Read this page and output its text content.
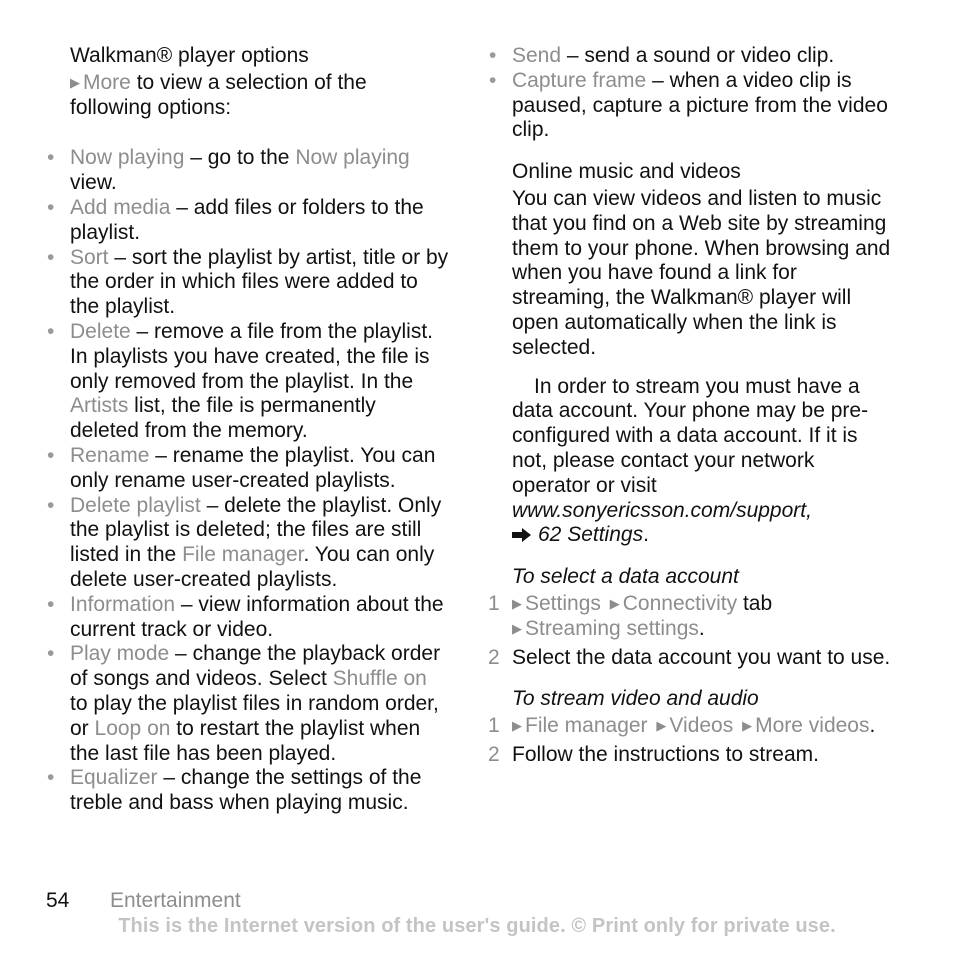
Walkman® player options
▶ More to view a selection of the following options:
• Now playing – go to the Now playing view.
• Add media – add files or folders to the playlist.
• Sort – sort the playlist by artist, title or by the order in which files were added to the playlist.
• Delete – remove a file from the playlist. In playlists you have created, the file is only removed from the playlist. In the Artists list, the file is permanently deleted from the memory.
• Rename – rename the playlist. You can only rename user-created playlists.
• Delete playlist – delete the playlist. Only the playlist is deleted; the files are still listed in the File manager. You can only delete user-created playlists.
• Information – view information about the current track or video.
• Play mode – change the playback order of songs and videos. Select Shuffle on to play the playlist files in random order, or Loop on to restart the playlist when the last file has been played.
• Equalizer – change the settings of the treble and bass when playing music.
• Send – send a sound or video clip.
• Capture frame – when a video clip is paused, capture a picture from the video clip.
Online music and videos
You can view videos and listen to music that you find on a Web site by streaming them to your phone. When browsing and when you have found a link for streaming, the Walkman® player will open automatically when the link is selected.
In order to stream you must have a data account. Your phone may be pre-configured with a data account. If it is not, please contact your network operator or visit
www.sonyericsson.com/support,
62 Settings.
To select a data account
1 ▶ Settings ▶ Connectivity tab
▶ Streaming settings.
2 Select the data account you want to use.
To stream video and audio
1 ▶ File manager ▶ Videos ▶ More videos.
2 Follow the instructions to stream.
54 Entertainment
This is the Internet version of the user's guide. © Print only for private use.
